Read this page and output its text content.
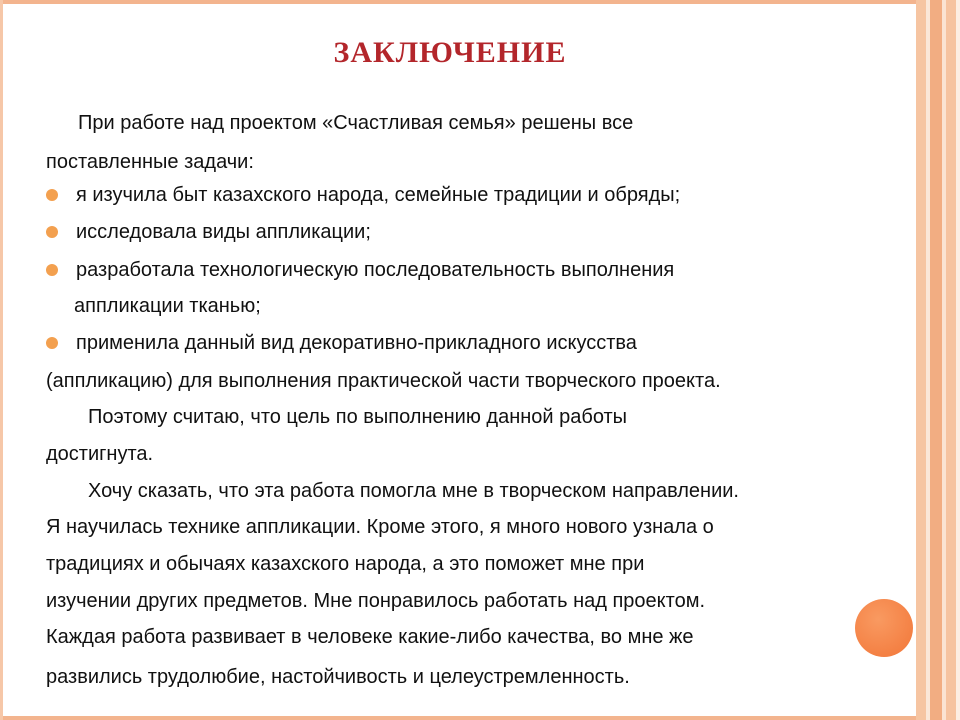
ЗАКЛЮЧЕНИЕ
При работе над проектом «Счастливая семья» решены все
поставленные задачи:
я изучила быт казахского народа, семейные традиции и обряды;
исследовала виды аппликации;
разработала технологическую последовательность выполнения
аппликации тканью;
применила данный вид декоративно-прикладного искусства
(аппликацию) для выполнения практической части творческого проекта.
Поэтому считаю, что цель по выполнению данной работы
достигнута.
Хочу сказать, что эта работа помогла мне в творческом направлении.
Я научилась технике аппликации. Кроме этого, я много нового узнала о
традициях и обычаях казахского народа, а это поможет мне при
изучении других предметов. Мне понравилось работать над проектом.
Каждая работа развивает в человеке какие-либо качества, во мне же
развились трудолюбие, настойчивость и целеустремленность.
